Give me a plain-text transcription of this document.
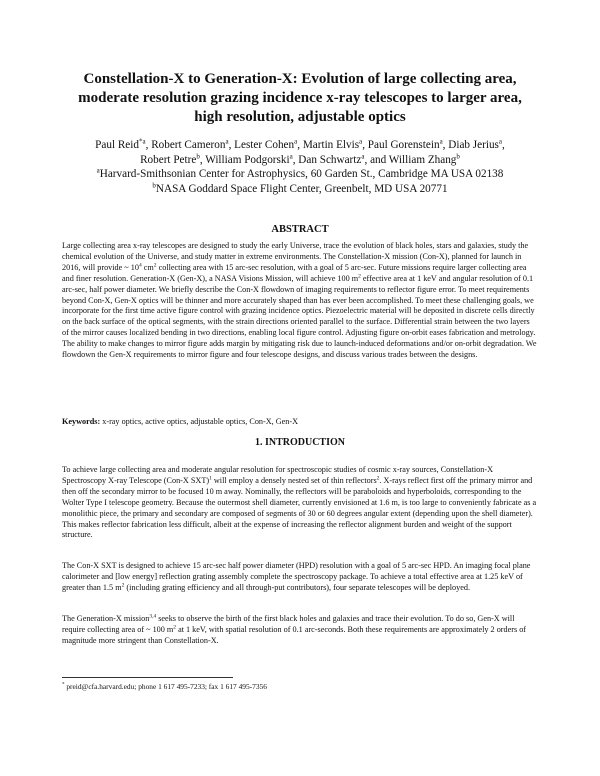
Constellation-X to Generation-X: Evolution of large collecting area,
moderate resolution grazing incidence x-ray telescopes to larger area,
high resolution, adjustable optics
Paul Reid$^{*a}$, Robert Cameron$^a$, Lester Cohen$^a$, Martin Elvis$^a$, Paul Gorenstein$^a$, Diab Jerius$^a$,
Robert Petre$^b$, William Podgorski$^a$, Dan Schwartz$^a$, and William Zhang$^b$
$^a$Harvard-Smithsonian Center for Astrophysics, 60 Garden St., Cambridge MA USA 02138
$^b$NASA Goddard Space Flight Center, Greenbelt, MD USA 20771
ABSTRACT
Large collecting area x-ray telescopes are designed to study the early Universe, trace the evolution of black holes, stars and galaxies, study the chemical evolution of the Universe, and study matter in extreme environments. The Constellation-X mission (Con-X), planned for launch in 2016, will provide ~ $10^4$ $cm^2$ collecting area with 15 arc-sec resolution, with a goal of 5 arc-sec. Future missions require larger collecting area and finer resolution. Generation-X (Gen-X), a NASA Visions Mission, will achieve 100 $m^2$ effective area at 1 keV and angular resolution of 0.1 arc-sec, half power diameter. We briefly describe the Con-X flowdown of imaging requirements to reflector figure error. To meet requirements beyond Con-X, Gen-X optics will be thinner and more accurately shaped than has ever been accomplished. To meet these challenging goals, we incorporate for the first time active figure control with grazing incidence optics. Piezoelectric material will be deposited in discrete cells directly on the back surface of the optical segments, with the strain directions oriented parallel to the surface. Differential strain between the two layers of the mirror causes localized bending in two directions, enabling local figure control. Adjusting figure on-orbit eases fabrication and metrology. The ability to make changes to mirror figure adds margin by mitigating risk due to launch-induced deformations and/or on-orbit degradation. We flowdown the Gen-X requirements to mirror figure and four telescope designs, and discuss various trades between the designs.
Keywords: x-ray optics, active optics, adjustable optics, Con-X, Gen-X
1. INTRODUCTION
To achieve large collecting area and moderate angular resolution for spectroscopic studies of cosmic x-ray sources, Constellation-X Spectroscopy X-ray Telescope (Con-X SXT)$^1$ will employ a densely nested set of thin reflectors$^2$. X-rays reflect first off the primary mirror and then off the secondary mirror to be focused 10 m away. Nominally, the reflectors will be paraboloids and hyperboloids, corresponding to the Wolter Type I telescope geometry. Because the outermost shell diameter, currently envisioned at 1.6 m, is too large to conveniently fabricate as a monolithic piece, the primary and secondary are composed of segments of 30 or 60 degrees angular extent (depending upon the shell diameter). This makes reflector fabrication less difficult, albeit at the expense of increasing the reflector alignment burden and weight of the support structure.
The Con-X SXT is designed to achieve 15 arc-sec half power diameter (HPD) resolution with a goal of 5 arc-sec HPD. An imaging focal plane calorimeter and [low energy] reflection grating assembly complete the spectroscopy package. To achieve a total effective area at 1.25 keV of greater than 1.5 $m^2$ (including grating efficiency and all through-put contributors), four separate telescopes will be deployed.
The Generation-X mission$^{3,4}$ seeks to observe the birth of the first black holes and galaxies and trace their evolution. To do so, Gen-X will require collecting area of ~ 100 $m^2$ at 1 keV, with spatial resolution of 0.1 arc-seconds. Both these requirements are approximately 2 orders of magnitude more stringent than Constellation-X.
* preid@cfa.harvard.edu; phone 1 617 495-7233; fax 1 617 495-7356
